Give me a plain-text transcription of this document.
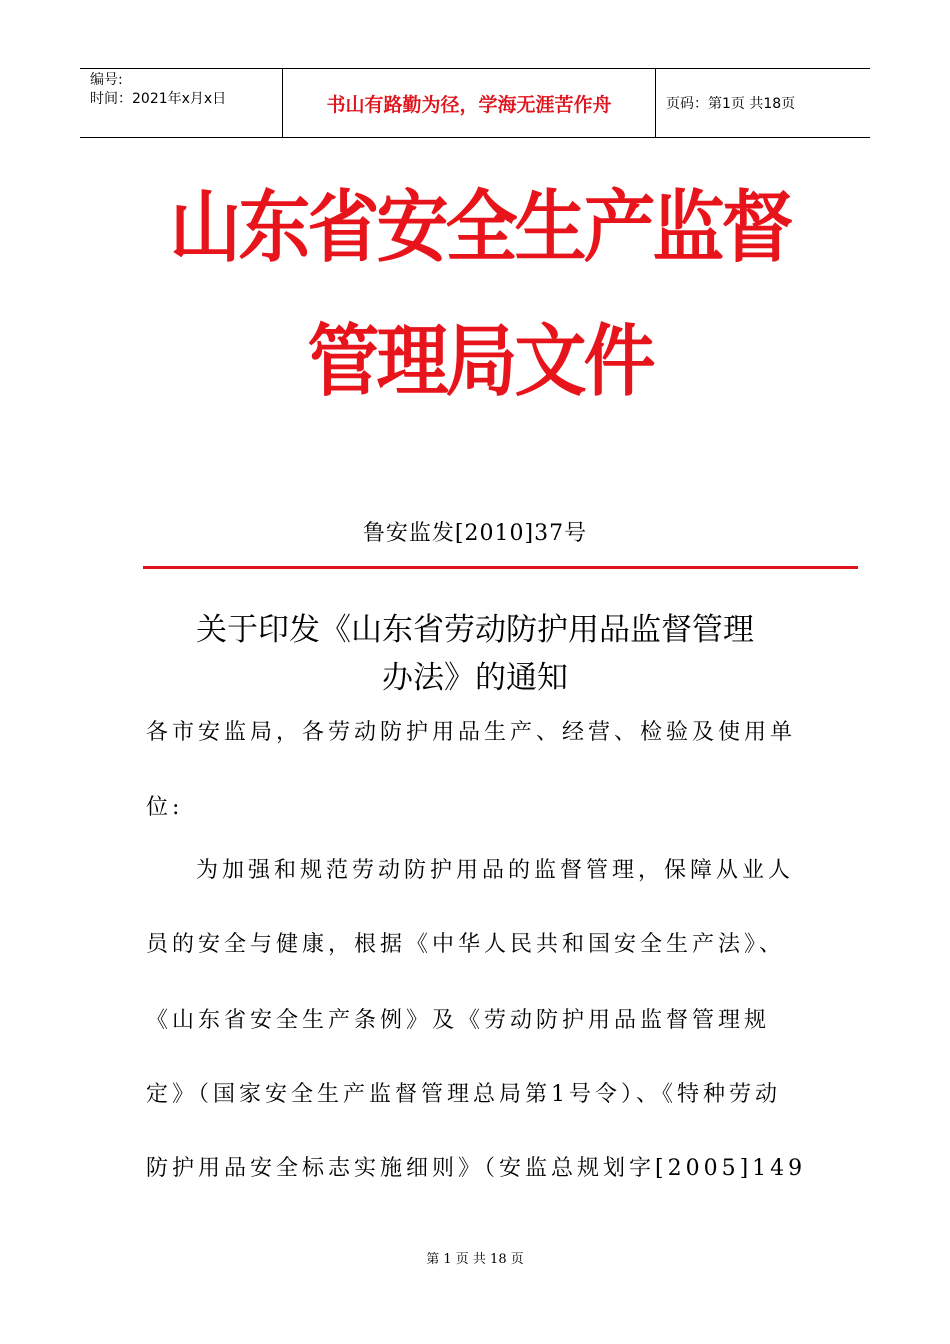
编号:
时间：2021年x月x日	书山有路勤为径，学海无涯苦作舟	页码：第1页 共18页
山东省安全生产监督管理局文件
鲁安监发[2010]37号
关于印发《山东省劳动防护用品监督管理
办法》的通知
各市安监局，各劳动防护用品生产、经营、检验及使用单
位:
为加强和规范劳动防护用品的监督管理，保障从业人
员的安全与健康，根据《中华人民共和国安全生产法》、
《山东省安全生产条例》及《劳动防护用品监督管理规
定》（国家安全生产监督管理总局第1号令）、《特种劳动
防护用品安全标志实施细则》（安监总规划字[2005]149
第 1 页 共 18 页
